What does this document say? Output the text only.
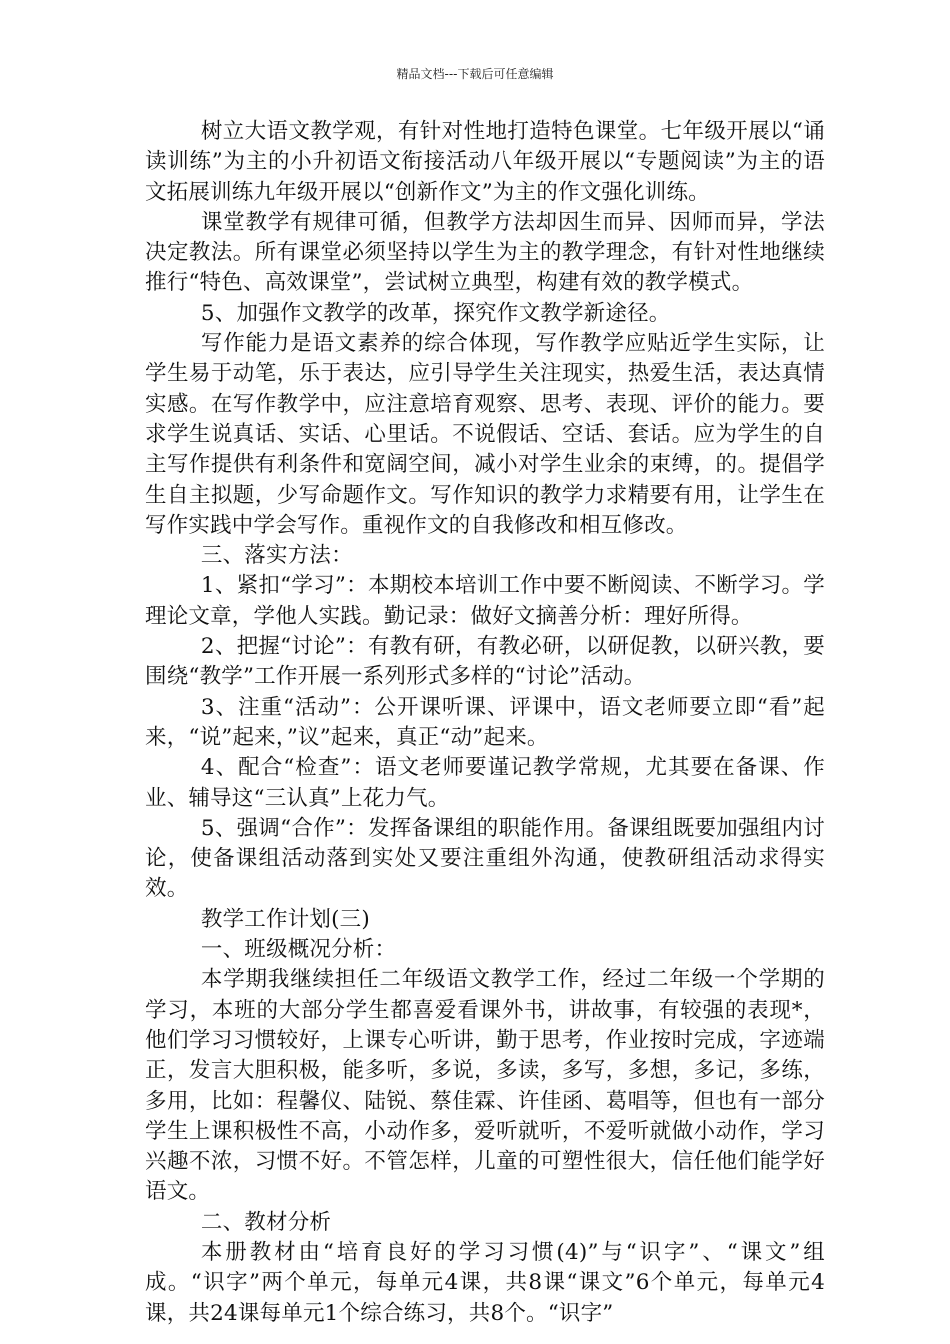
精品文档---下载后可任意编辑

树立大语文教学观，有针对性地打造特色课堂。七年级开展以“诵读训练”为主的小升初语文衔接活动八年级开展以“专题阅读”为主的语文拓展训练九年级开展以“创新作文”为主的作文强化训练。

课堂教学有规律可循，但教学方法却因生而异、因师而异，学法决定教法。所有课堂必须坚持以学生为主的教学理念，有针对性地继续推行“特色、高效课堂”，尝试树立典型，构建有效的教学模式。

5、加强作文教学的改革，探究作文教学新途径。

写作能力是语文素养的综合体现，写作教学应贴近学生实际，让学生易于动笔，乐于表达，应引导学生关注现实，热爱生活，表达真情实感。在写作教学中，应注意培育观察、思考、表现、评价的能力。要求学生说真话、实话、心里话。不说假话、空话、套话。应为学生的自主写作提供有利条件和宽阔空间，减小对学生业余的束缚，的。提倡学生自主拟题，少写命题作文。写作知识的教学力求精要有用，让学生在写作实践中学会写作。重视作文的自我修改和相互修改。

三、落实方法：

1、紧扣“学习”：本期校本培训工作中要不断阅读、不断学习。学理论文章，学他人实践。勤记录：做好文摘善分析：理好所得。

2、把握“讨论”：有教有研，有教必研，以研促教，以研兴教，要围绕“教学”工作开展一系列形式多样的“讨论”活动。

3、注重“活动”：公开课听课、评课中，语文老师要立即“看”起来，“说”起来，”议”起来，真正“动”起来。

4、配合“检查”：语文老师要谨记教学常规，尤其要在备课、作业、辅导这“三认真”上花力气。

5、强调“合作”：发挥备课组的职能作用。备课组既要加强组内讨论，使备课组活动落到实处又要注重组外沟通，使教研组活动求得实效。

教学工作计划(三)

一、班级概况分析：

本学期我继续担任二年级语文教学工作，经过二年级一个学期的学习，本班的大部分学生都喜爱看课外书，讲故事，有较强的表现*，他们学习习惯较好，上课专心听讲，勤于思考，作业按时完成，字迹端正，发言大胆积极，能多听，多说，多读，多写，多想，多记，多练，多用，比如：程馨仪、陆锐、蔡佳霖、许佳函、葛唱等，但也有一部分学生上课积极性不高，小动作多，爱听就听，不爱听就做小动作，学习兴趣不浓，习惯不好。不管怎样，儿童的可塑性很大，信任他们能学好语文。

二、教材分析

本册教材由“培育良好的学习习惯(4)”与“识字”、“课文”组成。“识字”两个单元，每单元4课，共8课“课文”6个单元，每单元4课，共24课每单元1个综合练习，共8个。“识字”
